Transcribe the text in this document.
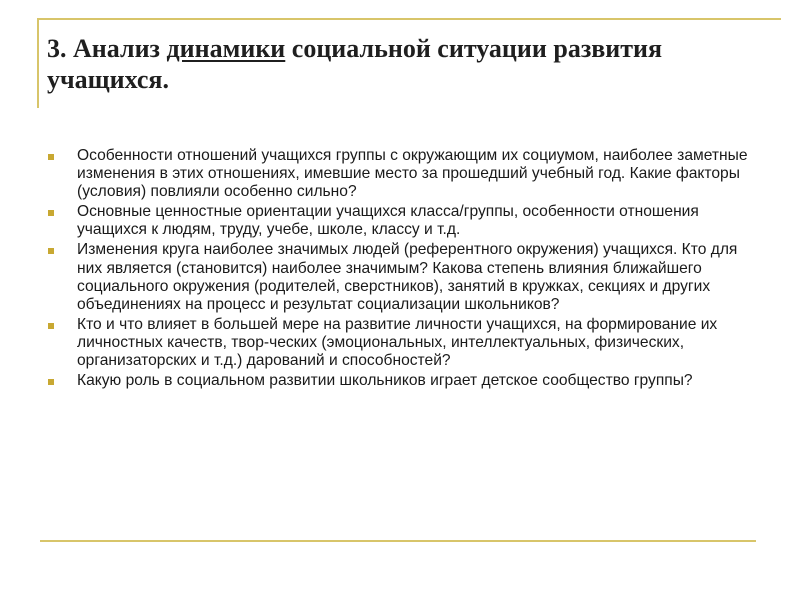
3. Анализ динамики социальной ситуации развития учащихся.
Особенности отношений учащихся группы с окружающим их социумом, наиболее заметные изменения в этих отношениях, имевшие место за прошедший учебный год. Какие факторы (условия) повлияли особенно сильно?
Основные ценностные ориентации учащихся класса/группы, особенности отношения учащихся к людям, труду, учебе, школе, классу и т.д.
Изменения круга наиболее значимых людей (референтного окружения) учащихся. Кто для них является (становится) наиболее значимым? Какова степень влияния ближайшего социального окружения (родителей, сверстников), занятий в кружках, секциях и других объединениях на процесс и результат социализации школьников?
Кто и что влияет в большей мере на развитие личности учащихся, на формирование их личностных качеств, твор-ческих (эмоциональных, интеллектуальных, физических, организаторских и т.д.) дарований и способностей?
Какую роль в социальном развитии школьников играет детское сообщество группы?
